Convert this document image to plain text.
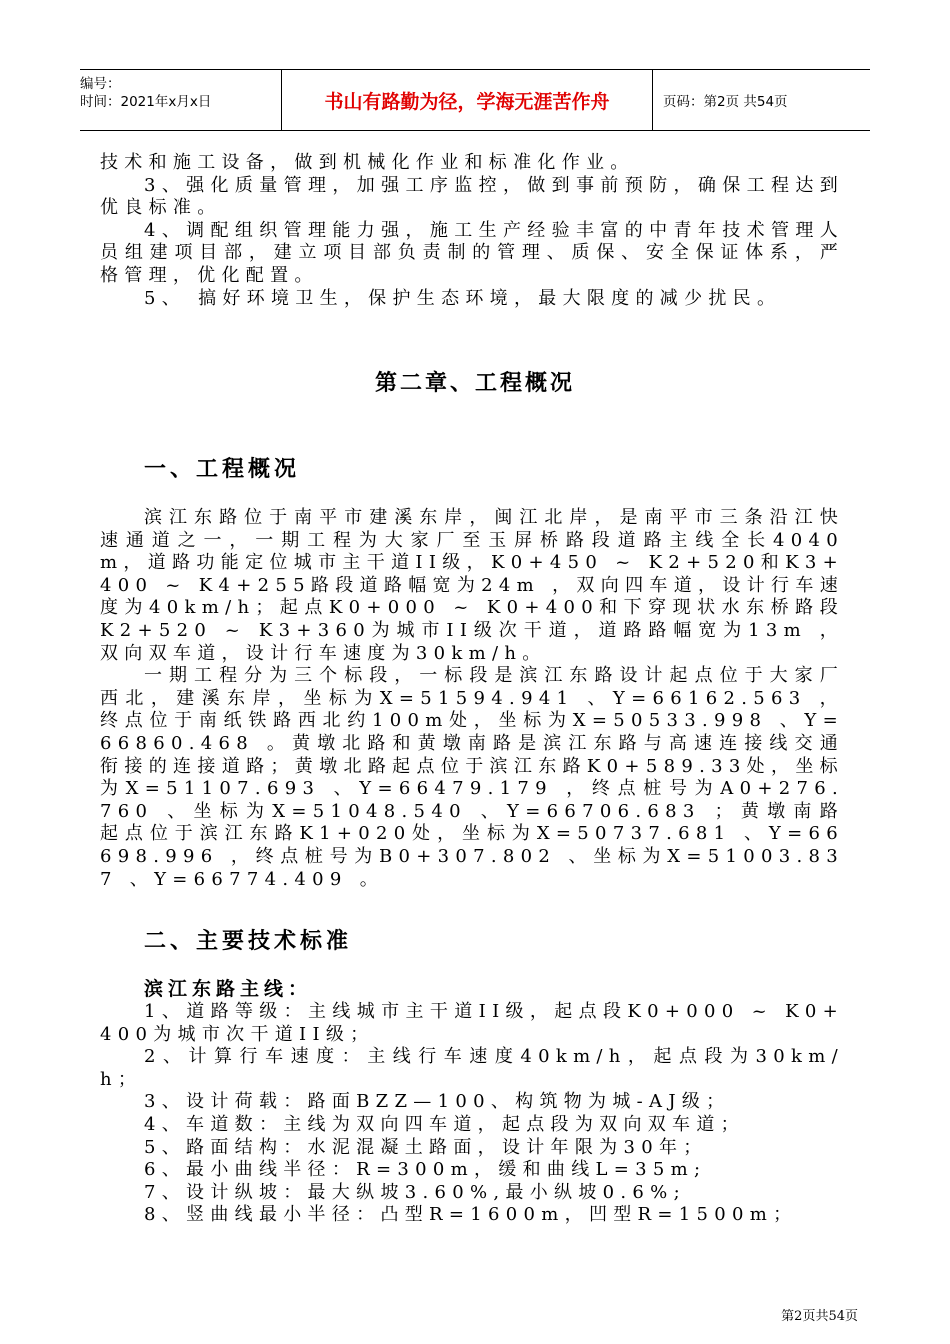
编号：
时间：2021年x月x日	书山有路勤为径，学海无涯苦作舟	页码：第2页 共54页

技术和施工设备，做到机械化作业和标准化作业。

3、强化质量管理，加强工序监控，做到事前预防，确保工程达到优良标准。

4、调配组织管理能力强，施工生产经验丰富的中青年技术管理人员组建项目部，建立项目部负责制的管理、质保、安全保证体系，严格管理，优化配置。

5、 搞好环境卫生，保护生态环境，最大限度的减少扰民。

第二章、工程概况
一、工程概况

滨江东路位于南平市建溪东岸，闽江北岸，是南平市三条沿江快速通道之一，一期工程为大家厂至玉屏桥路段道路主线全长4040m，道路功能定位城市主干道II级，K0+450 ~ K2+520和K3+400 ~ K4+255路段道路幅宽为24m ，双向四车道，设计行车速度为40km/h；起点K0+000 ~ K0+400和下穿现状水东桥路段K2+520 ~ K3+360为城市II级次干道，道路路幅宽为13m ，双向双车道，设计行车速度为30km/h。

一期工程分为三个标段，一标段是滨江东路设计起点位于大家厂西北，建溪东岸，坐标为X=51594.941 、Y=66162.563 ，终点位于南纸铁路西北约100m处，坐标为X=50533.998 、Y=66860.468 。黄墩北路和黄墩南路是滨江东路与高速连接线交通衔接的连接道路；黄墩北路起点位于滨江东路K0+589.33处，坐标为X=51107.693 、Y=66479.179 ，终点桩号为A0+276.760 、坐标为X=51048.540 、Y=66706.683 ；黄墩南路起点位于滨江东路K1+020处，坐标为X=50737.681 、Y=66698.996 ，终点桩号为B0+307.802 、坐标为X=51003.837 、Y=66774.409 。

二、主要技术标准
滨江东路主线：

1、道路等级：主线城市主干道II级，起点段K0+000 ~ K0+400为城市次干道II级；

2、计算行车速度：主线行车速度40km/h，起点段为30km/h；

3、设计荷载：路面BZZ—100、构筑物为城-AJ级；

4、车道数：主线为双向四车道，起点段为双向双车道；

5、路面结构：水泥混凝土路面，设计年限为30年；

6、最小曲线半径：R=300m，缓和曲线L=35m;

7、设计纵坡：最大纵坡3.60%,最小纵坡0.6%;

8、竖曲线最小半径：凸型R=1600m，凹型R=1500m；

第2页共54页
